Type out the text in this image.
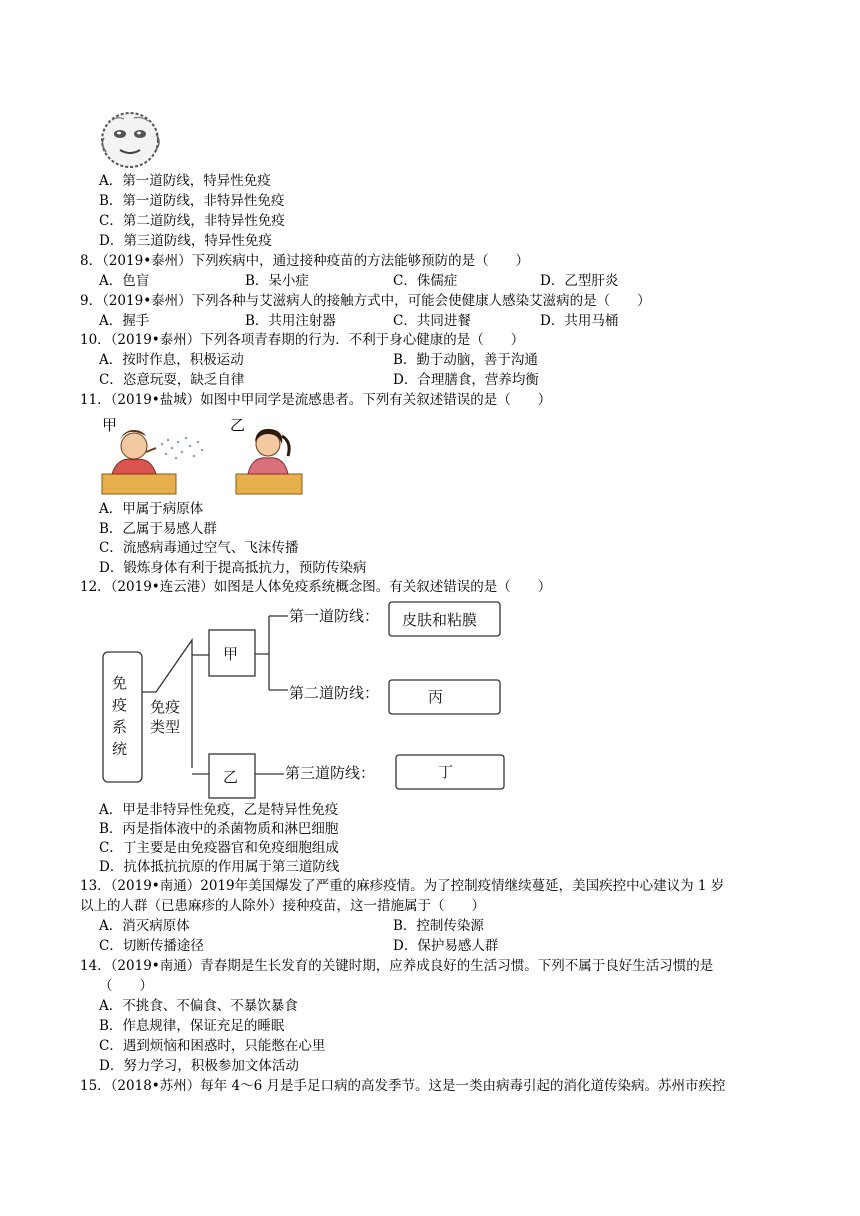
A．第一道防线，特异性免疫
B．第一道防线，非特异性免疫
C．第二道防线，非特异性免疫
D．第三道防线，特异性免疫
8．（2019•泰州）下列疾病中，通过接种疫苗的方法能够预防的是（　　）
A．色盲	B．呆小症	C．侏儒症	D．乙型肝炎
9．（2019•泰州）下列各种与艾滋病人的接触方式中，可能会使健康人感染艾滋病的是（　　）
A．握手	B．共用注射器	C．共同进餐	D．共用马桶
10．（2019•泰州）下列各项青春期的行为．不利于身心健康的是（　　）
A．按时作息，积极运动	B．勤于动脑，善于沟通
C．恣意玩耍，缺乏自律	D．合理膳食，营养均衡
11．（2019•盐城）如图中甲同学是流感患者。下列有关叙述错误的是（　　）
甲	乙
A．甲属于病原体
B．乙属于易感人群
C．流感病毒通过空气、飞沫传播
D．锻炼身体有利于提高抵抗力，预防传染病
12．（2019•连云港）如图是人体免疫系统概念图。有关叙述错误的是（　　）
免
疫
系
统
免疫
类型
甲
乙
第一道防线：
第二道防线：
第三道防线：
皮肤和粘膜
丙
丁
A．甲是非特异性免疫，乙是特异性免疫
B．丙是指体液中的杀菌物质和淋巴细胞
C．丁主要是由免疫器官和免疫细胞组成
D．抗体抵抗抗原的作用属于第三道防线
13．（2019•南通）2019年美国爆发了严重的麻疹疫情。为了控制疫情继续蔓延，美国疾控中心建议为 1 岁
以上的人群（已患麻疹的人除外）接种疫苗，这一措施属于（　　）
A．消灭病原体	B．控制传染源
C．切断传播途径	D．保护易感人群
14．（2019•南通）青春期是生长发育的关键时期，应养成良好的生活习惯。下列不属于良好生活习惯的是
（　　）
A．不挑食、不偏食、不暴饮暴食
B．作息规律，保证充足的睡眠
C．遇到烦恼和困惑时，只能憋在心里
D．努力学习，积极参加文体活动
15．（2018•苏州）每年 4～6 月是手足口病的高发季节。这是一类由病毒引起的消化道传染病。苏州市疾控
